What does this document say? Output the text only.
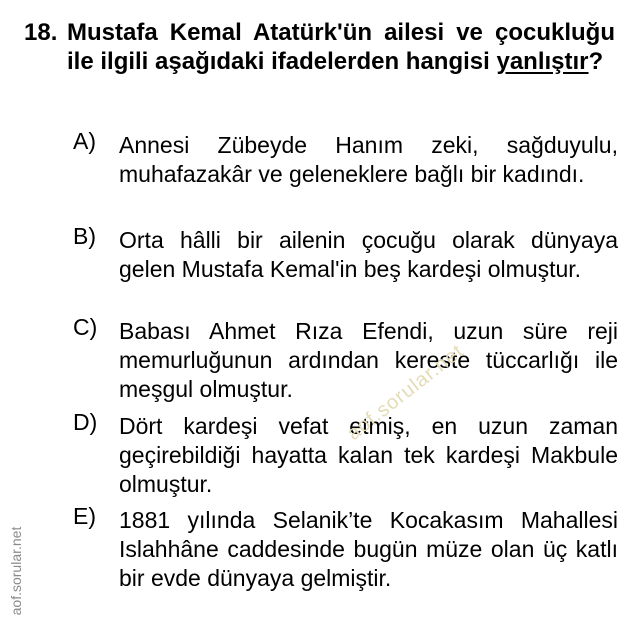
18. Mustafa Kemal Atatürk'ün ailesi ve çocukluğu ile ilgili aşağıdaki ifadelerden hangisi yanlıştır?
A)	Annesi Zübeyde Hanım zeki, sağduyulu, muhafazakâr ve geleneklere bağlı bir kadındı.
B)	Orta hâlli bir ailenin çocuğu olarak dünyaya gelen Mustafa Kemal'in beş kardeşi olmuştur.
C) Babası Ahmet Rıza Efendi, uzun süre reji memurluğunun ardından kereste tüccarlığı ile meşgul olmuştur.
D) Dört kardeşi vefat etmiş, en uzun zaman geçirebildiği hayatta kalan tek kardeşi Makbule olmuştur.
E)	1881 yılında Selanik’te Kocakasım Mahallesi Islahhâne caddesinde bugün müze olan üç katlı bir evde dünyaya gelmiştir.
aof.sorular.net
aof.sorular.net
